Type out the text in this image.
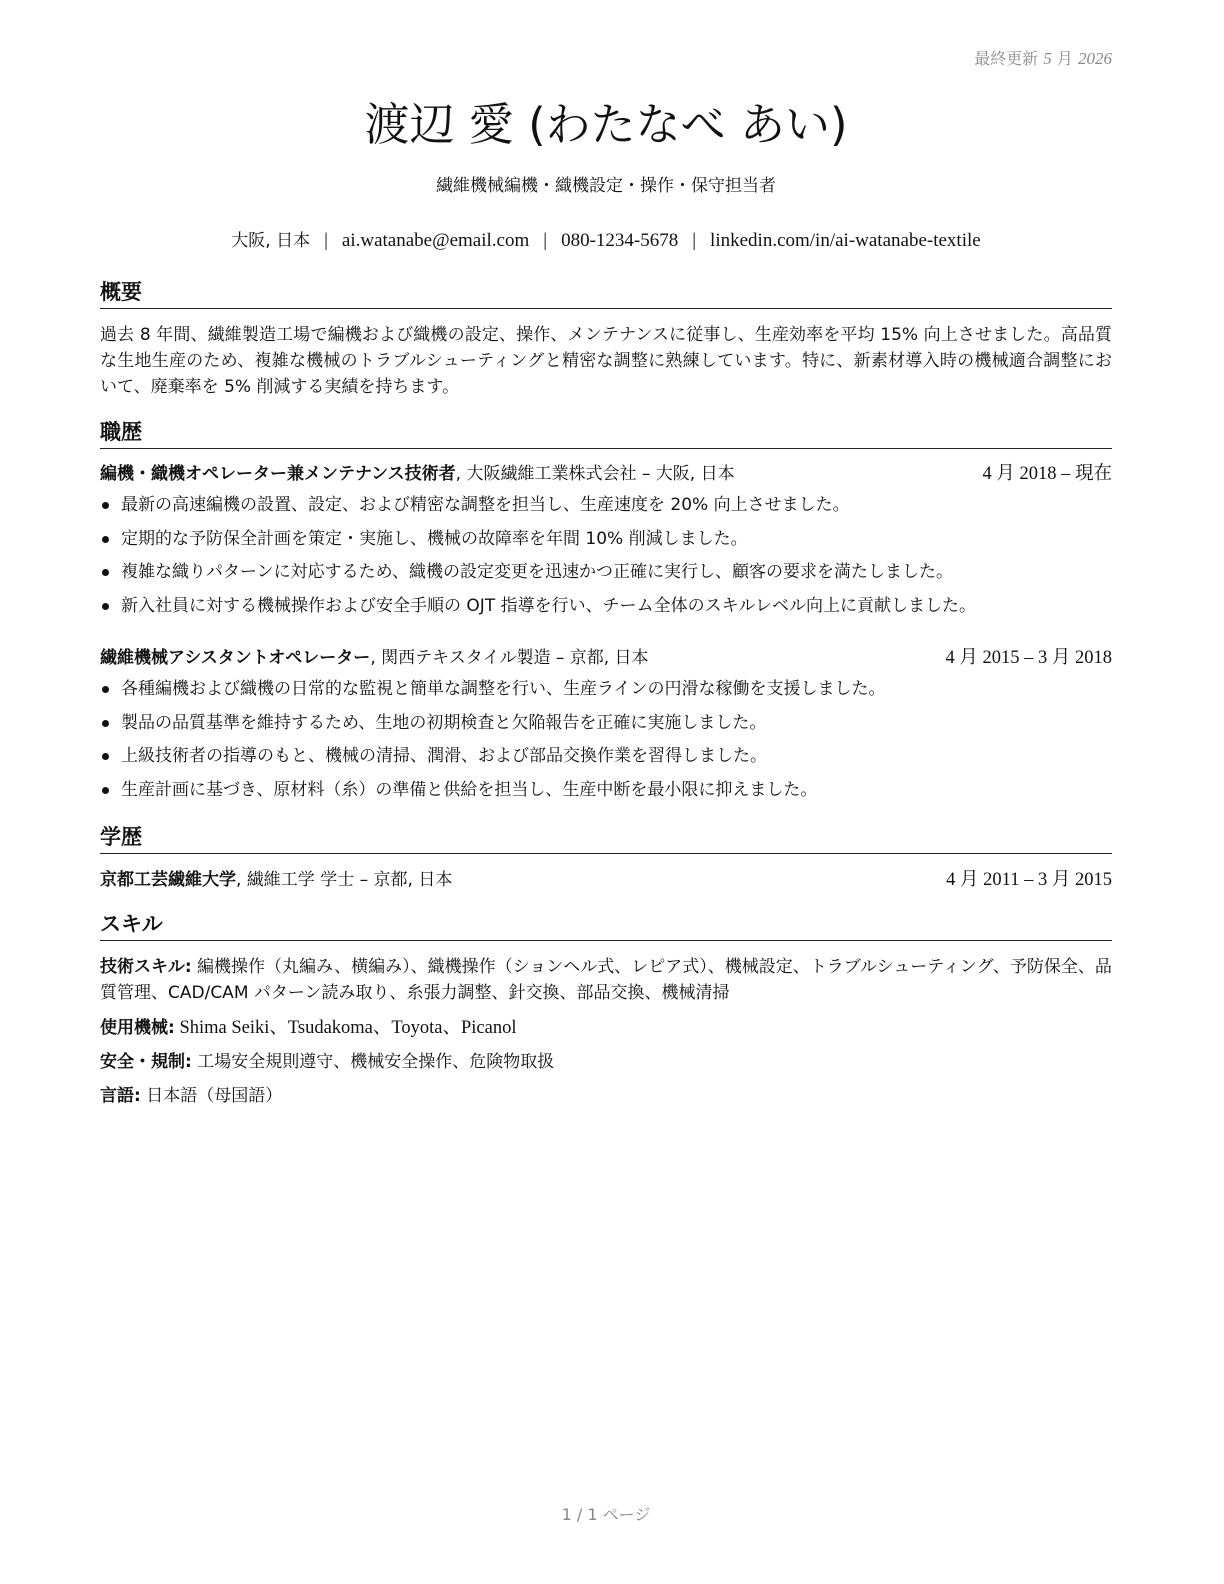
最終更新 5 月 2026
渡辺 愛 (わたなべ あい)
繊維機械編機・織機設定・操作・保守担当者
大阪, 日本 | ai.watanabe@email.com | 080-1234-5678 | linkedin.com/in/ai-watanabe-textile
概要
過去 8 年間、繊維製造工場で編機および織機の設定、操作、メンテナンスに従事し、生産効率を平均 15% 向上させました。高品質な生地生産のため、複雑な機械のトラブルシューティングと精密な調整に熟練しています。特に、新素材導入時の機械適合調整において、廃棄率を 5% 削減する実績を持ちます。
職歴
編機・織機オペレーター兼メンテナンス技術者, 大阪繊維工業株式会社 – 大阪, 日本	4 月 2018 – 現在
最新の高速編機の設置、設定、および精密な調整を担当し、生産速度を 20% 向上させました。
定期的な予防保全計画を策定・実施し、機械の故障率を年間 10% 削減しました。
複雑な織りパターンに対応するため、織機の設定変更を迅速かつ正確に実行し、顧客の要求を満たしました。
新入社員に対する機械操作および安全手順の OJT 指導を行い、チーム全体のスキルレベル向上に貢献しました。
繊維機械アシスタントオペレーター, 関西テキスタイル製造 – 京都, 日本	4 月 2015 – 3 月 2018
各種編機および織機の日常的な監視と簡単な調整を行い、生産ラインの円滑な稼働を支援しました。
製品の品質基準を維持するため、生地の初期検査と欠陥報告を正確に実施しました。
上級技術者の指導のもと、機械の清掃、潤滑、および部品交換作業を習得しました。
生産計画に基づき、原材料（糸）の準備と供給を担当し、生産中断を最小限に抑えました。
学歴
京都工芸繊維大学, 繊維工学 学士 – 京都, 日本	4 月 2011 – 3 月 2015
スキル
技術スキル: 編機操作（丸編み、横編み）、織機操作（ションヘル式、レピア式）、機械設定、トラブルシューティング、予防保全、品質管理、CAD/CAM パターン読み取り、糸張力調整、針交換、部品交換、機械清掃
使用機械: Shima Seiki、Tsudakoma、Toyota、Picanol
安全・規制: 工場安全規則遵守、機械安全操作、危険物取扱
言語: 日本語（母国語）
1 / 1 ページ
